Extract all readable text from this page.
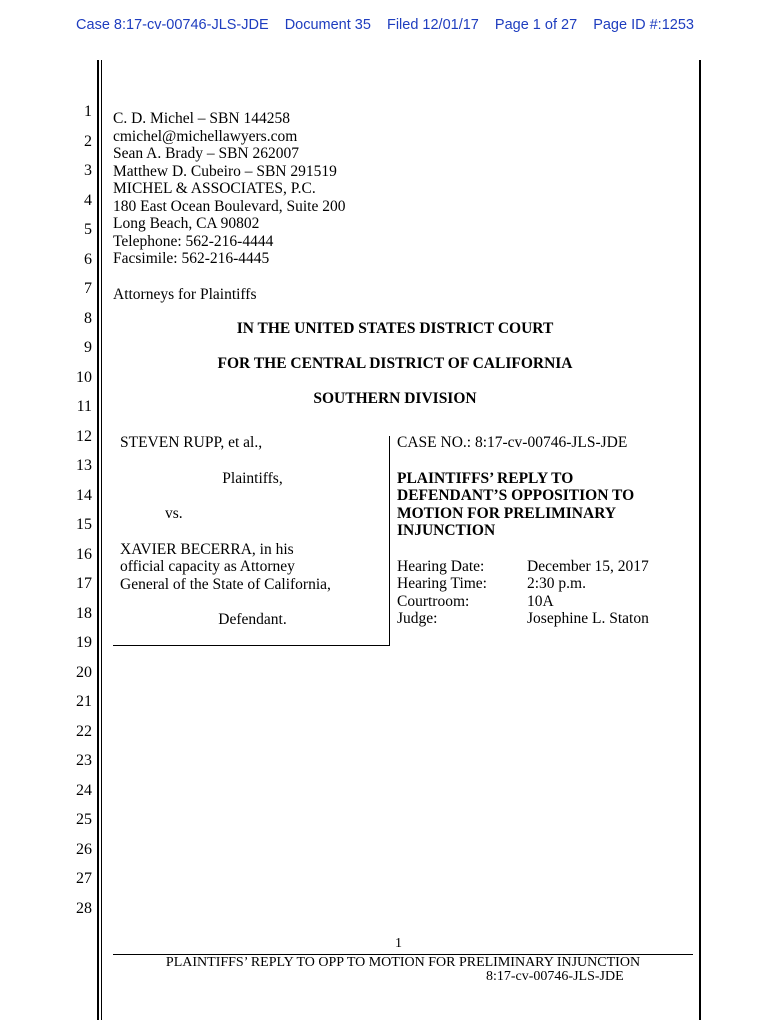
Case 8:17-cv-00746-JLS-JDE Document 35 Filed 12/01/17 Page 1 of 27 Page ID #:1253
1
2
3
4
5
6
7
8
9
10
11
12
13
14
15
16
17
18
19
20
21
22
23
24
25
26
27
28
C. D. Michel – SBN 144258
cmichel@michellawyers.com
Sean A. Brady – SBN 262007
Matthew D. Cubeiro – SBN 291519
MICHEL & ASSOCIATES, P.C.
180 East Ocean Boulevard, Suite 200
Long Beach, CA 90802
Telephone: 562-216-4444
Facsimile: 562-216-4445
Attorneys for Plaintiffs
IN THE UNITED STATES DISTRICT COURT
FOR THE CENTRAL DISTRICT OF CALIFORNIA
SOUTHERN DIVISION
STEVEN RUPP, et al.,
Plaintiffs,
vs.
XAVIER BECERRA, in his
official capacity as Attorney
General of the State of California,
Defendant.
CASE NO.: 8:17-cv-00746-JLS-JDE
PLAINTIFFS’ REPLY TO
DEFENDANT’S OPPOSITION TO
MOTION FOR PRELIMINARY
INJUNCTION
Hearing Date:	December 15, 2017
Hearing Time:	2:30 p.m.
Courtroom:	10A
Judge:	Josephine L. Staton
1
PLAINTIFFS’ REPLY TO OPP TO MOTION FOR PRELIMINARY INJUNCTION
8:17-cv-00746-JLS-JDE
